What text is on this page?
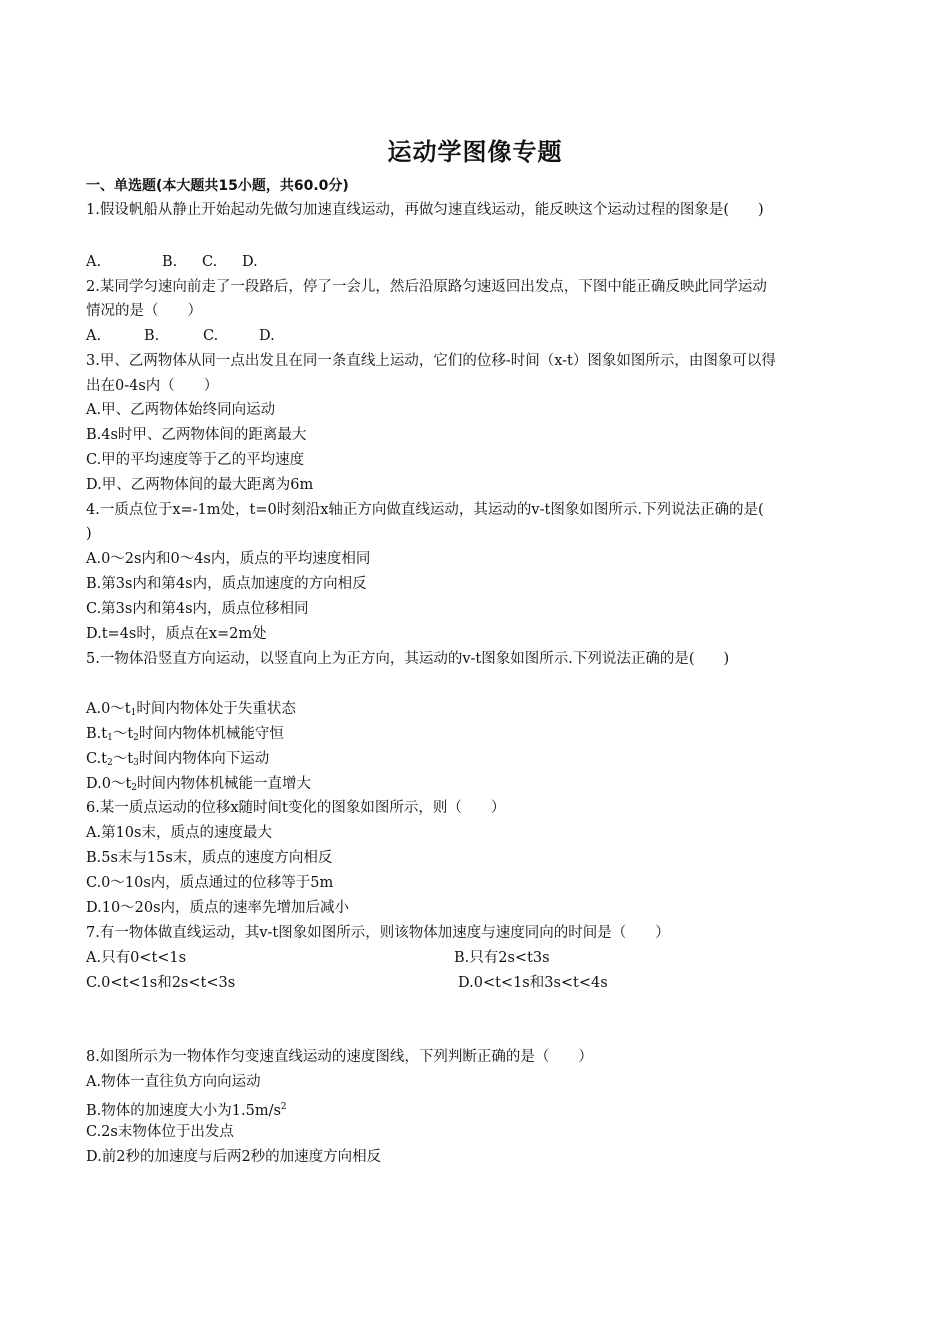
运动学图像专题
一、单选题(本大题共15小题，共60.0分)
1.假设帆船从静止开始起动先做匀加速直线运动，再做匀速直线运动，能反映这个运动过程的图象是(　　)
A.	B. C. D.
2.某同学匀速向前走了一段路后，停了一会儿，然后沿原路匀速返回出发点，下图中能正确反映此同学运动
情况的是（　　）
A.	B.	C.	D.
3.甲、乙两物体从同一点出发且在同一条直线上运动，它们的位移-时间（x-t）图象如图所示，由图象可以得
出在0-4s内（　　）
A.甲、乙两物体始终同向运动
B.4s时甲、乙两物体间的距离最大
C.甲的平均速度等于乙的平均速度
D.甲、乙两物体间的最大距离为6m
4.一质点位于x=-1m处，t=0时刻沿x轴正方向做直线运动，其运动的v-t图象如图所示.下列说法正确的是(
)
A.0～2s内和0～4s内，质点的平均速度相同
B.第3s内和第4s内，质点加速度的方向相反
C.第3s内和第4s内，质点位移相同
D.t=4s时，质点在x=2m处
5.一物体沿竖直方向运动，以竖直向上为正方向，其运动的v-t图象如图所示.下列说法正确的是(　　)
$A.0\sim t_1$时间内物体处于失重状态
$B.t_1\sim t_2$时间内物体机械能守恒
$C.t_2\sim t_3$时间内物体向下运动
$D.0\sim t_2$时间内物体机械能一直增大
6.某一质点运动的位移x随时间t变化的图象如图所示，则（　　）
A.第10s末，质点的速度最大
B.5s末与15s末，质点的速度方向相反
C.0～10s内，质点通过的位移等于5m
D.10～20s内，质点的速率先增加后减小
7.有一物体做直线运动，其v-t图象如图所示，则该物体加速度与速度同向的时间是（　　）
A.只有0<t<1s	B.只有2s<t3s
C.0<t<1s和2s<t<3s	D.0<t<1s和3s<t<4s
8.如图所示为一物体作匀变速直线运动的速度图线，下列判断正确的是（　　）
A.物体一直往负方向向运动
B.物体的加速度大小为$1.5m/s^2$
C.2s末物体位于出发点
D.前2秒的加速度与后两2秒的加速度方向相反
